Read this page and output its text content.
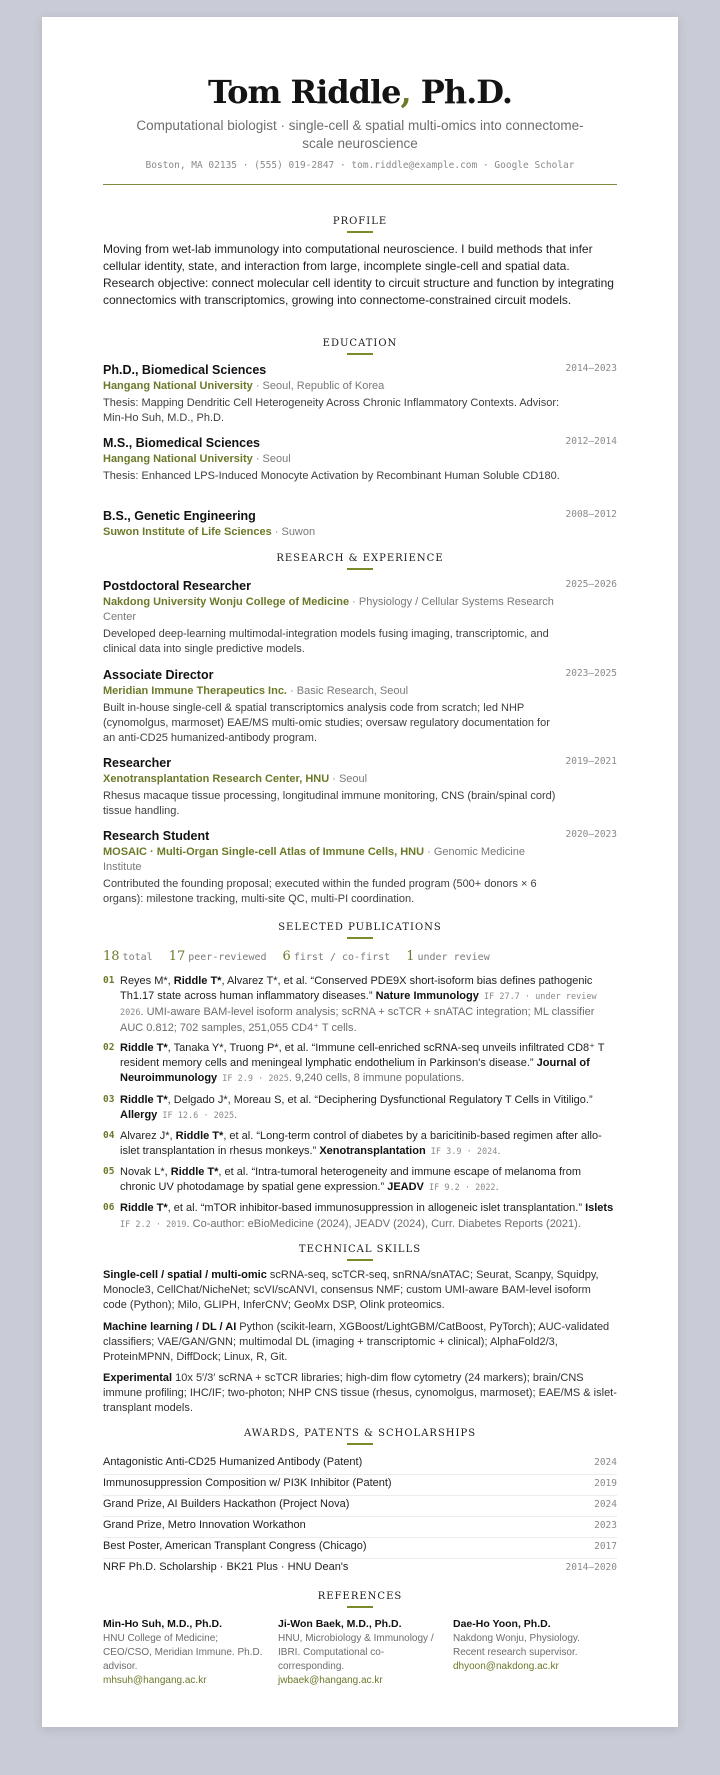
Tom Riddle, Ph.D.
Computational biologist · single-cell & spatial multi-omics into connectome-scale neuroscience
Boston, MA 02135 · (555) 019-2847 · tom.riddle@example.com · Google Scholar
PROFILE
Moving from wet-lab immunology into computational neuroscience. I build methods that infer cellular identity, state, and interaction from large, incomplete single-cell and spatial data. Research objective: connect molecular cell identity to circuit structure and function by integrating connectomics with transcriptomics, growing into connectome-constrained circuit models.
EDUCATION
Ph.D., Biomedical Sciences	2014–2023
Hangang National University · Seoul, Republic of Korea
Thesis: Mapping Dendritic Cell Heterogeneity Across Chronic Inflammatory Contexts. Advisor: Min-Ho Suh, M.D., Ph.D.
M.S., Biomedical Sciences	2012–2014
Hangang National University · Seoul
Thesis: Enhanced LPS-Induced Monocyte Activation by Recombinant Human Soluble CD180.
B.S., Genetic Engineering	2008–2012
Suwon Institute of Life Sciences · Suwon
RESEARCH & EXPERIENCE
Postdoctoral Researcher	2025–2026
Nakdong University Wonju College of Medicine · Physiology / Cellular Systems Research Center
Developed deep-learning multimodal-integration models fusing imaging, transcriptomic, and clinical data into single predictive models.
Associate Director	2023–2025
Meridian Immune Therapeutics Inc. · Basic Research, Seoul
Built in-house single-cell & spatial transcriptomics analysis code from scratch; led NHP (cynomolgus, marmoset) EAE/MS multi-omic studies; oversaw regulatory documentation for an anti-CD25 humanized-antibody program.
Researcher	2019–2021
Xenotransplantation Research Center, HNU · Seoul
Rhesus macaque tissue processing, longitudinal immune monitoring, CNS (brain/spinal cord) tissue handling.
Research Student	2020–2023
MOSAIC · Multi-Organ Single-cell Atlas of Immune Cells, HNU · Genomic Medicine Institute
Contributed the founding proposal; executed within the funded program (500+ donors × 6 organs): milestone tracking, multi-site QC, multi-PI coordination.
SELECTED PUBLICATIONS
18 total 17 peer-reviewed 6 first / co-first 1 under review
01 Reyes M*, Riddle T*, Alvarez T*, et al. “Conserved PDE9X short-isoform bias defines pathogenic Th1.17 state across human inflammatory diseases.” Nature Immunology IF 27.7 · under review 2026. UMI-aware BAM-level isoform analysis; scRNA + scTCR + snATAC integration; ML classifier AUC 0.812; 702 samples, 251,055 CD4⁺ T cells.
02 Riddle T*, Tanaka Y*, Truong P*, et al. “Immune cell-enriched scRNA-seq unveils infiltrated CD8⁺ T resident memory cells and meningeal lymphatic endothelium in Parkinson's disease.” Journal of Neuroimmunology IF 2.9 · 2025. 9,240 cells, 8 immune populations.
03 Riddle T*, Delgado J*, Moreau S, et al. “Deciphering Dysfunctional Regulatory T Cells in Vitiligo.” Allergy IF 12.6 · 2025.
04 Alvarez J*, Riddle T*, et al. “Long-term control of diabetes by a baricitinib-based regimen after allo-islet transplantation in rhesus monkeys.” Xenotransplantation IF 3.9 · 2024.
05 Novak L*, Riddle T*, et al. “Intra-tumoral heterogeneity and immune escape of melanoma from chronic UV photodamage by spatial gene expression.” JEADV IF 9.2 · 2022.
06 Riddle T*, et al. “mTOR inhibitor-based immunosuppression in allogeneic islet transplantation.” Islets IF 2.2 · 2019. Co-author: eBioMedicine (2024), JEADV (2024), Curr. Diabetes Reports (2021).
TECHNICAL SKILLS
Single-cell / spatial / multi-omic scRNA-seq, scTCR-seq, snRNA/snATAC; Seurat, Scanpy, Squidpy, Monocle3, CellChat/NicheNet; scVI/scANVI, consensus NMF; custom UMI-aware BAM-level isoform code (Python); Milo, GLIPH, InferCNV; GeoMx DSP, Olink proteomics.
Machine learning / DL / AI Python (scikit-learn, XGBoost/LightGBM/CatBoost, PyTorch); AUC-validated classifiers; VAE/GAN/GNN; multimodal DL (imaging + transcriptomic + clinical); AlphaFold2/3, ProteinMPNN, DiffDock; Linux, R, Git.
Experimental 10x 5′/3′ scRNA + scTCR libraries; high-dim flow cytometry (24 markers); brain/CNS immune profiling; IHC/IF; two-photon; NHP CNS tissue (rhesus, cynomolgus, marmoset); EAE/MS & islet-transplant models.
AWARDS, PATENTS & SCHOLARSHIPS
Antagonistic Anti-CD25 Humanized Antibody (Patent)	2024
Immunosuppression Composition w/ PI3K Inhibitor (Patent)	2019
Grand Prize, AI Builders Hackathon (Project Nova)	2024
Grand Prize, Metro Innovation Workathon	2023
Best Poster, American Transplant Congress (Chicago)	2017
NRF Ph.D. Scholarship · BK21 Plus · HNU Dean's	2014–2020
REFERENCES
Min-Ho Suh, M.D., Ph.D.
HNU College of Medicine; CEO/CSO, Meridian Immune. Ph.D. advisor.
mhsuh@hangang.ac.kr
Ji-Won Baek, M.D., Ph.D.
HNU, Microbiology & Immunology / IBRI. Computational co-corresponding.
jwbaek@hangang.ac.kr
Dae-Ho Yoon, Ph.D.
Nakdong Wonju, Physiology. Recent research supervisor.
dhyoon@nakdong.ac.kr
